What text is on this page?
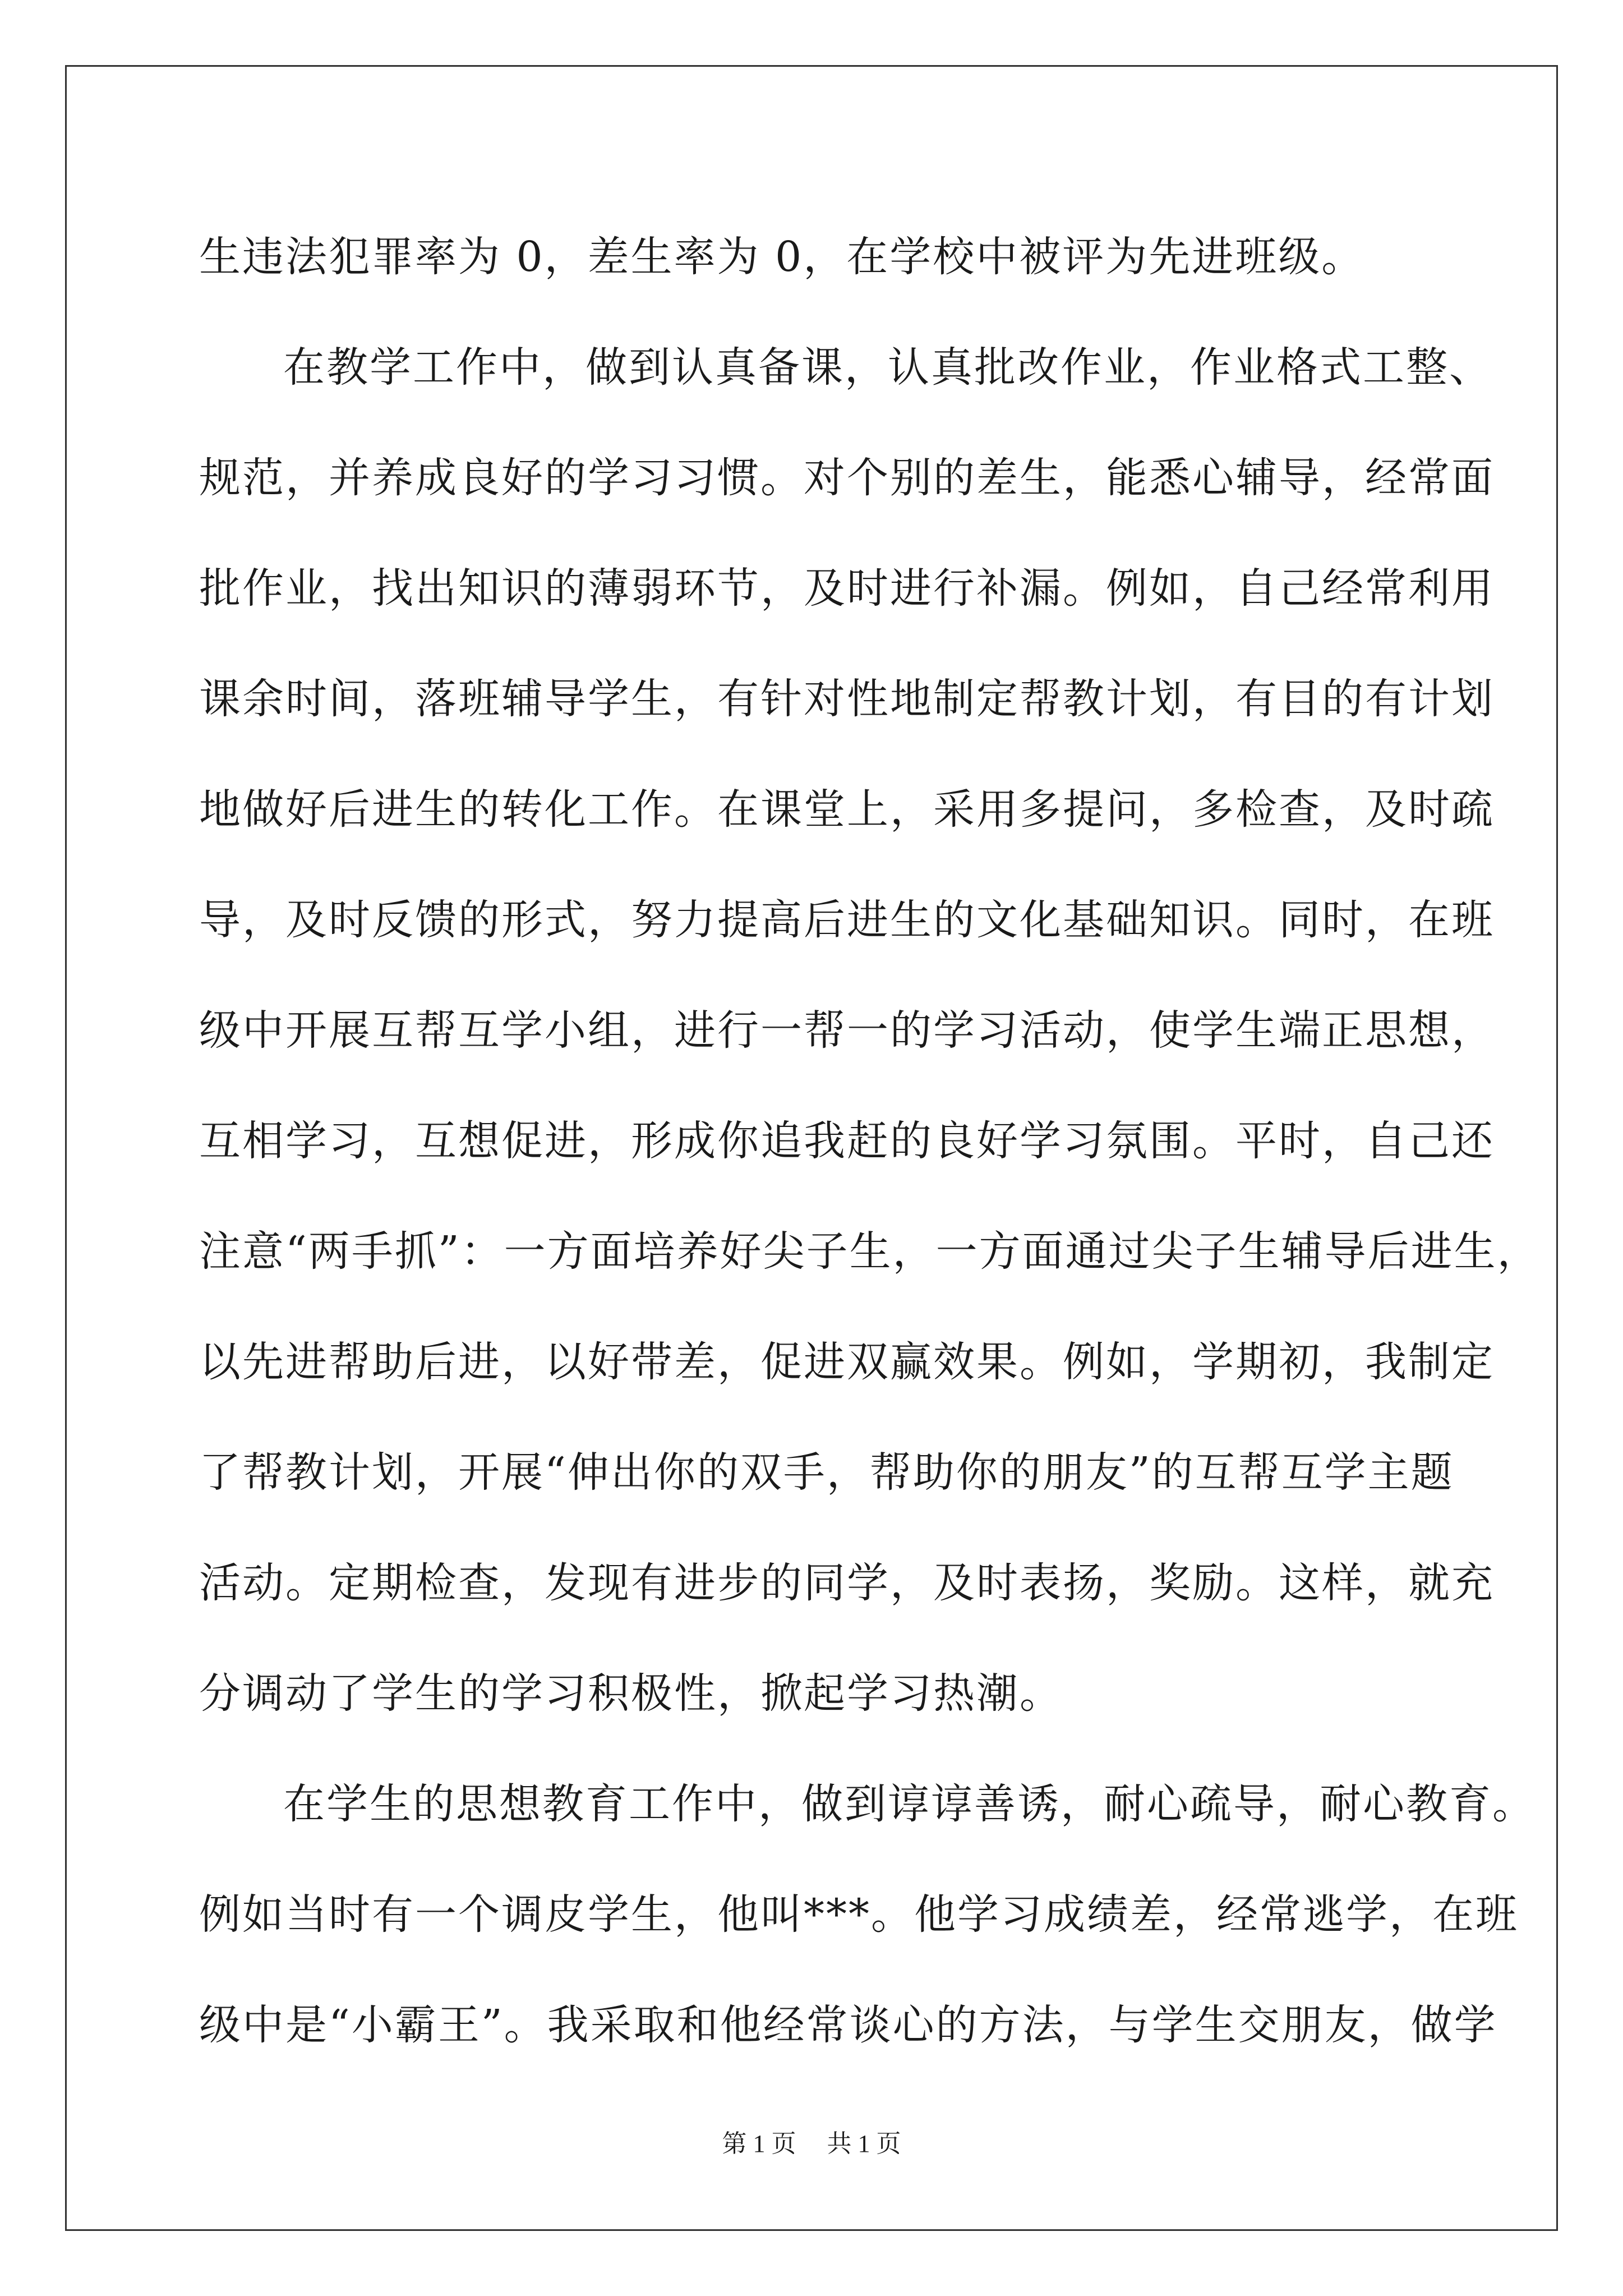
生违法犯罪率为 0，差生率为 0，在学校中被评为先进班级。
在教学工作中，做到认真备课，认真批改作业，作业格式工整、
规范，并养成良好的学习习惯。对个别的差生，能悉心辅导，经常面
批作业，找出知识的薄弱环节，及时进行补漏。例如，自己经常利用
课余时间，落班辅导学生，有针对性地制定帮教计划，有目的有计划
地做好后进生的转化工作。在课堂上，采用多提问，多检查，及时疏
导，及时反馈的形式，努力提高后进生的文化基础知识。同时，在班
级中开展互帮互学小组，进行一帮一的学习活动，使学生端正思想，
互相学习，互想促进，形成你追我赶的良好学习氛围。平时，自己还
注意“两手抓”：一方面培养好尖子生，一方面通过尖子生辅导后进生，
以先进帮助后进，以好带差，促进双赢效果。例如，学期初，我制定
了帮教计划，开展“伸出你的双手，帮助你的朋友”的互帮互学主题
活动。定期检查，发现有进步的同学，及时表扬，奖励。这样，就充
分调动了学生的学习积极性，掀起学习热潮。
在学生的思想教育工作中，做到谆谆善诱，耐心疏导，耐心教育。
例如当时有一个调皮学生，他叫***。他学习成绩差，经常逃学，在班
级中是“小霸王”。我采取和他经常谈心的方法，与学生交朋友，做学
第 1 页 共 1 页
